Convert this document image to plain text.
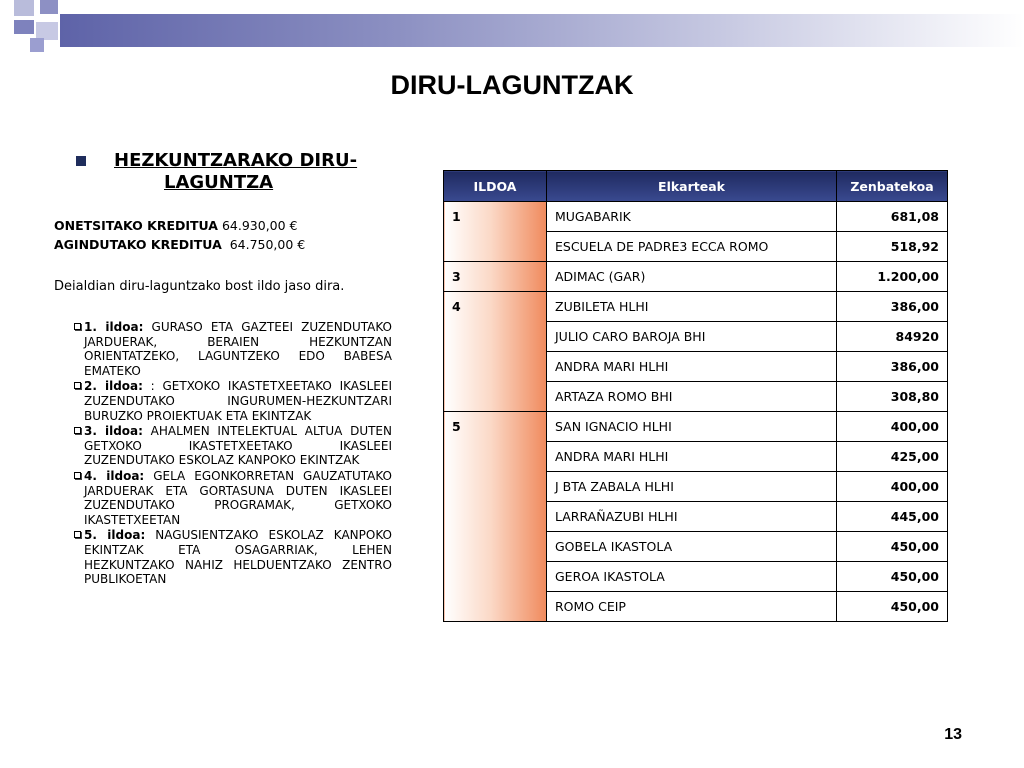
DIRU-LAGUNTZAK
HEZKUNTZARAKO DIRU-
LAGUNTZA
ONETSITAKO KREDITUA 64.930,00 €
AGINDUTAKO KREDITUA  64.750,00 €
Deialdian diru-laguntzako bost ildo jaso dira.
1. ildoa: GURASO ETA GAZTEEI ZUZENDUTAKO JARDUERAK, BERAIEN HEZKUNTZAN ORIENTATZEKO, LAGUNTZEKO EDO BABESA EMATEKO
2. ildoa: : GETXOKO IKASTETXEETAKO IKASLEEI ZUZENDUTAKO INGURUMEN-HEZKUNTZARI BURUZKO PROIEKTUAK ETA EKINTZAK
3. ildoa: AHALMEN INTELEKTUAL ALTUA DUTEN GETXOKO IKASTETXEETAKO IKASLEEI ZUZENDUTAKO ESKOLAZ KANPOKO EKINTZAK
4. ildoa: GELA EGONKORRETAN GAUZATUTAKO JARDUERAK ETA GORTASUNA DUTEN IKASLEEI ZUZENDUTAKO PROGRAMAK, GETXOKO IKASTETXEETAN
5. ildoa: NAGUSIENTZAKO ESKOLAZ KANPOKO EKINTZAK ETA OSAGARRIAK, LEHEN HEZKUNTZAKO NAHIZ HELDUENTZAKO ZENTRO PUBLIKOETAN
ILDOA	Elkarteak	Zenbatekoa
1	MUGABARIK	681,08
	ESCUELA DE PADRE3 ECCA ROMO	518,92
3	ADIMAC (GAR)	1.200,00
4	ZUBILETA HLHI	386,00
	JULIO CARO BAROJA BHI	84920
	ANDRA MARI HLHI	386,00
	ARTAZA ROMO BHI	308,80
5	SAN IGNACIO HLHI	400,00
	ANDRA MARI HLHI	425,00
	J BTA ZABALA HLHI	400,00
	LARRAÑAZUBI HLHI	445,00
	GOBELA IKASTOLA	450,00
	GEROA IKASTOLA	450,00
	ROMO CEIP	450,00
13
